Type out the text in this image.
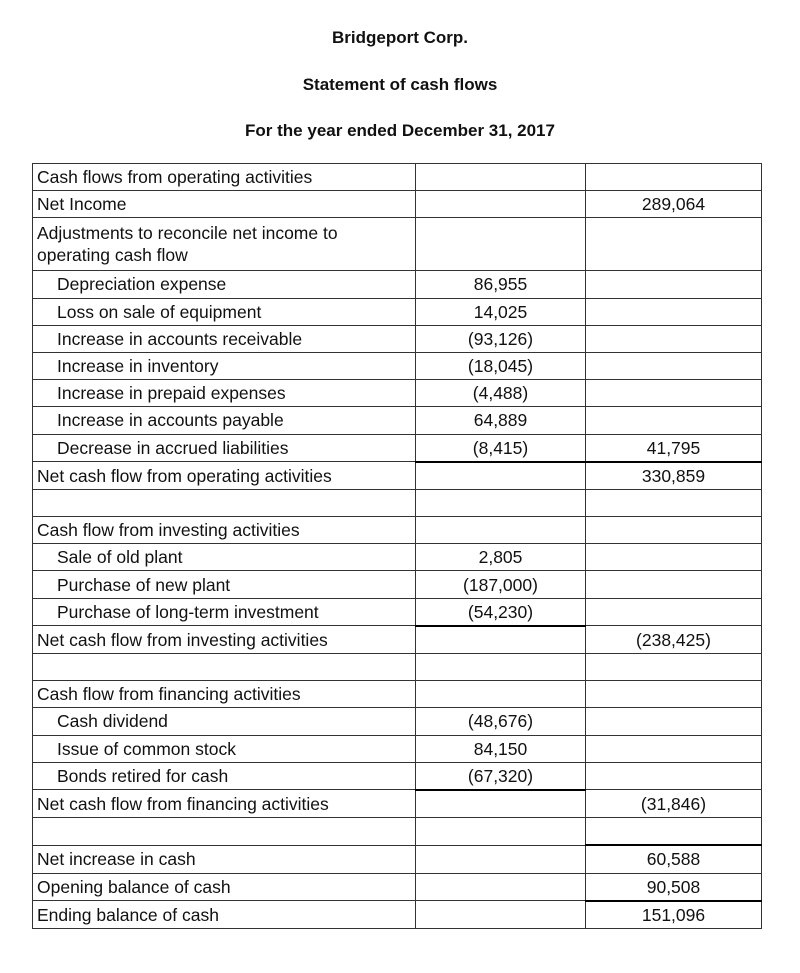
Bridgeport Corp.
Statement of cash flows
For the year ended December 31, 2017
Cash flows from operating activities		
Net Income		289,064
Adjustments to reconcile net income to operating cash flow		
Depreciation expense	86,955	
Loss on sale of equipment	14,025	
Increase in accounts receivable	(93,126)	
Increase in inventory	(18,045)	
Increase in prepaid expenses	(4,488)	
Increase in accounts payable	64,889	
Decrease in accrued liabilities	(8,415)	41,795
Net cash flow from operating activities		330,859

Cash flow from investing activities		
Sale of old plant	2,805	
Purchase of new plant	(187,000)	
Purchase of long-term investment	(54,230)	
Net cash flow from investing activities		(238,425)

Cash flow from financing activities		
Cash dividend	(48,676)	
Issue of common stock	84,150	
Bonds retired for cash	(67,320)	
Net cash flow from financing activities		(31,846)

Net increase in cash		60,588
Opening balance of cash		90,508
Ending balance of cash		151,096
